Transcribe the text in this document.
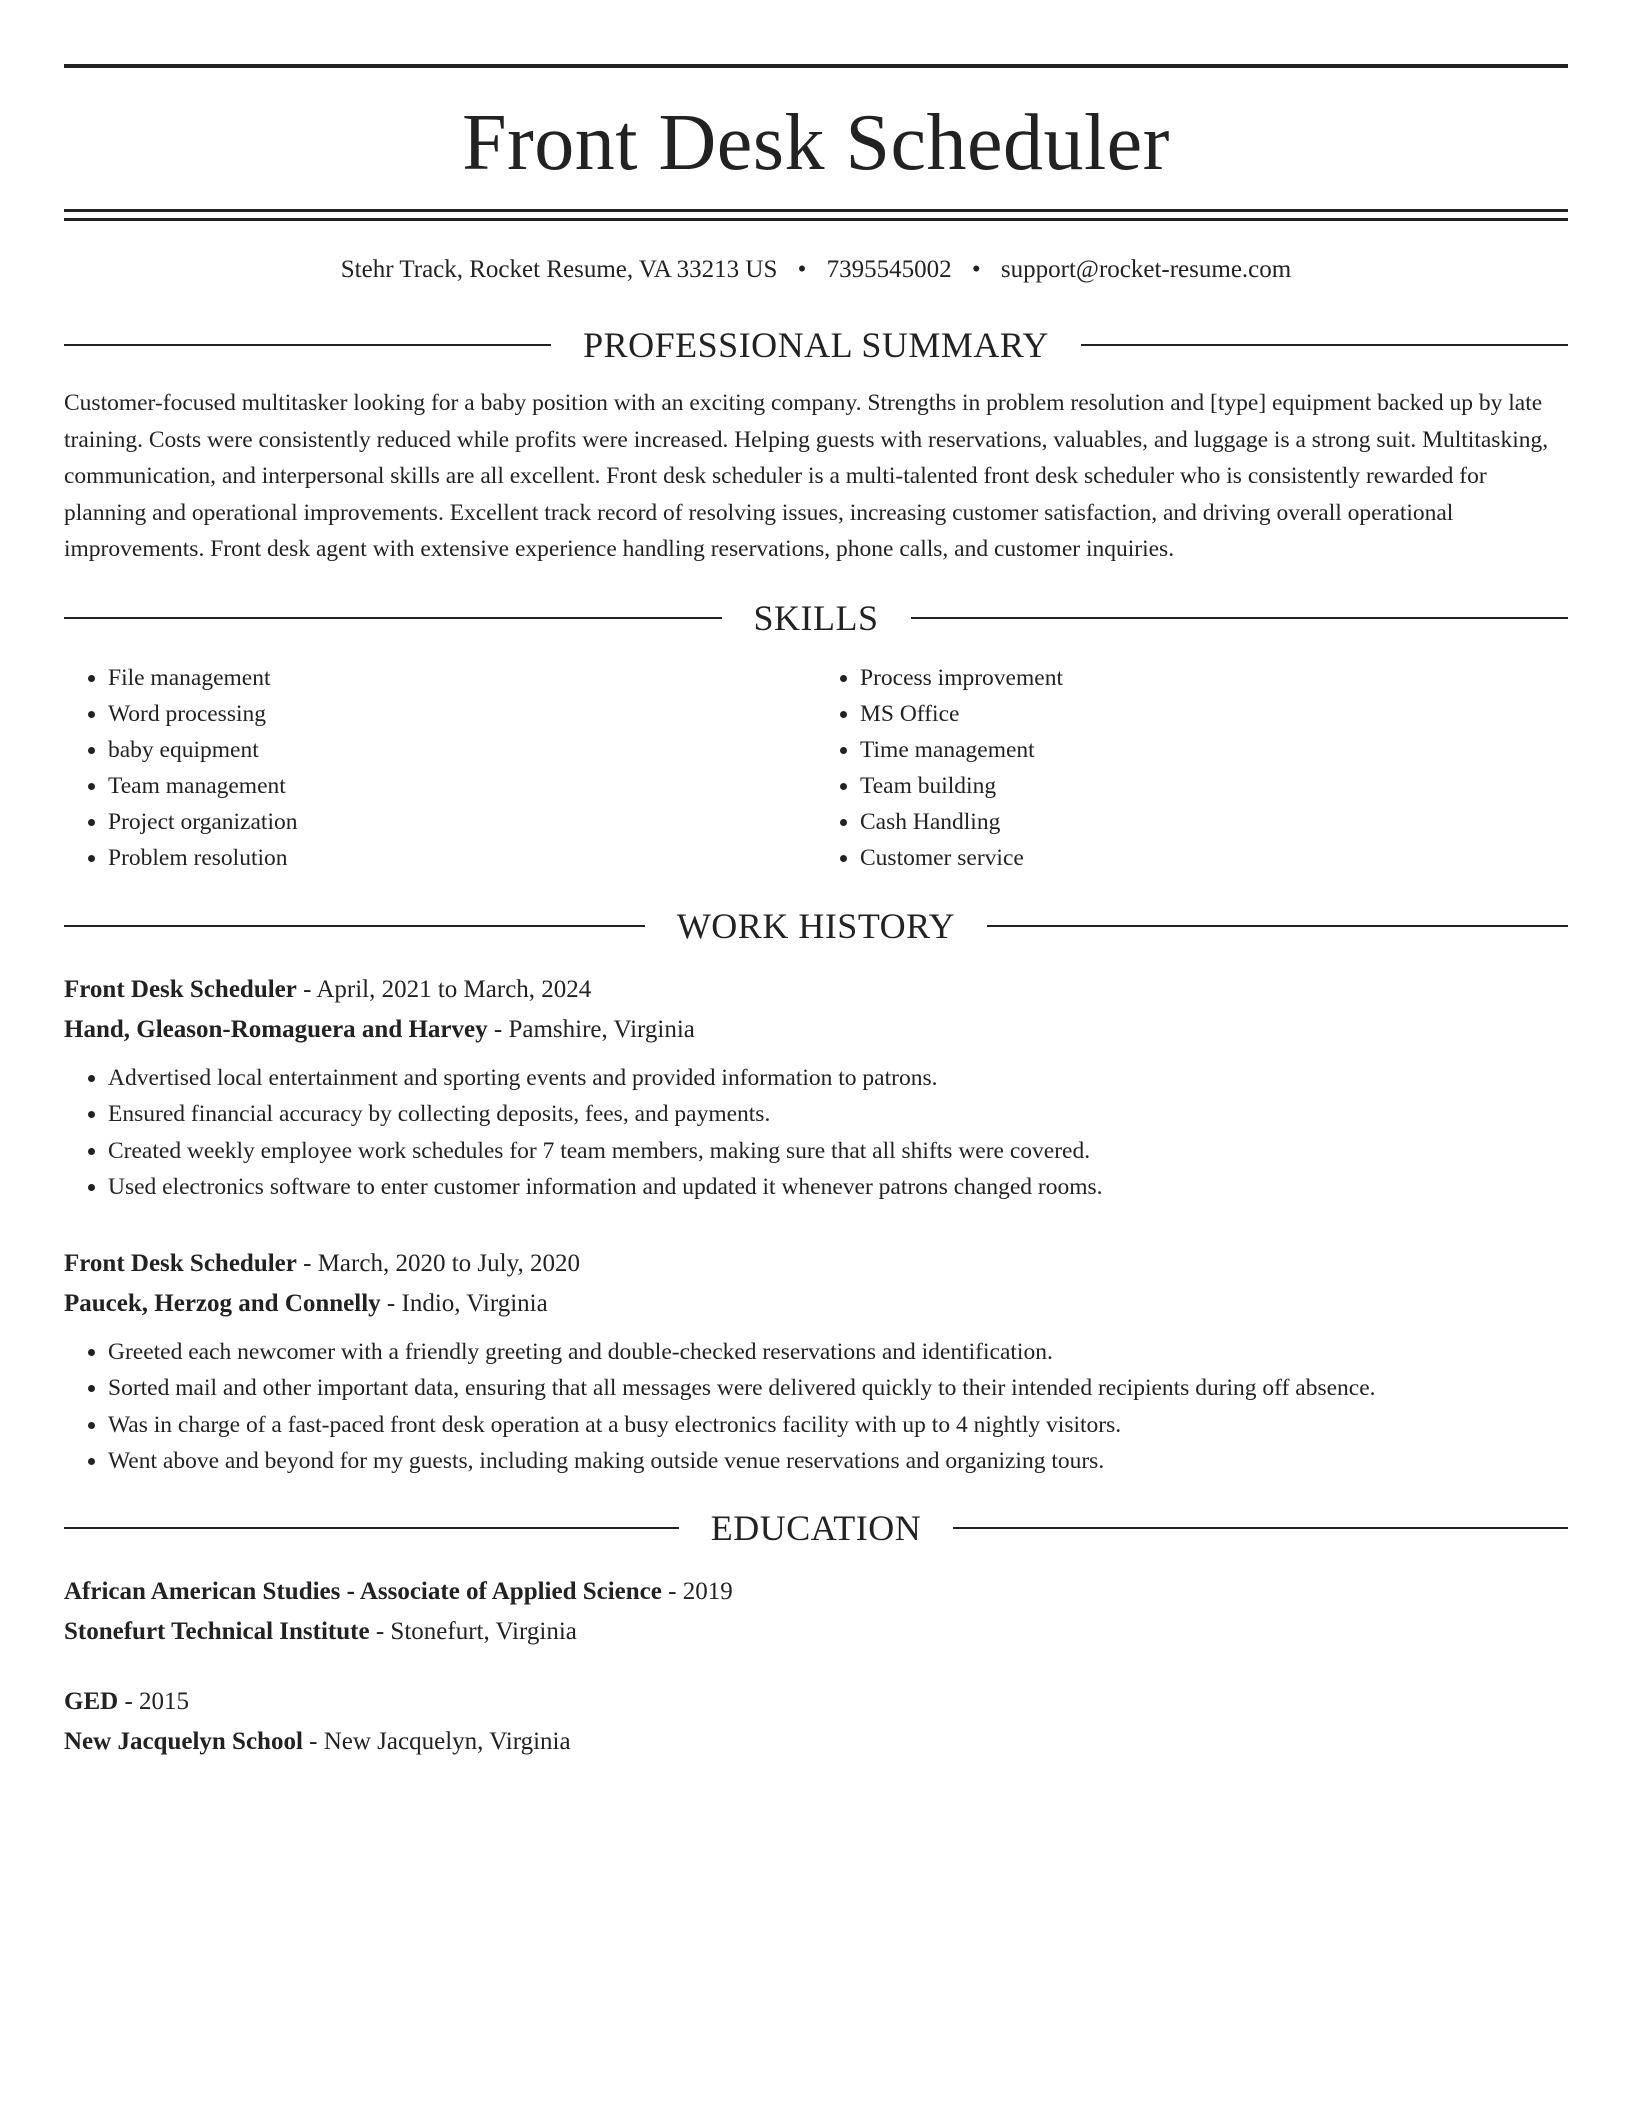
Front Desk Scheduler
Stehr Track, Rocket Resume, VA 33213 US • 7395545002 • support@rocket-resume.com
PROFESSIONAL SUMMARY

Customer-focused multitasker looking for a baby position with an exciting company. Strengths in problem resolution and [type] equipment backed up by late training. Costs were consistently reduced while profits were increased. Helping guests with reservations, valuables, and luggage is a strong suit. Multitasking, communication, and interpersonal skills are all excellent. Front desk scheduler is a multi-talented front desk scheduler who is consistently rewarded for planning and operational improvements. Excellent track record of resolving issues, increasing customer satisfaction, and driving overall operational improvements. Front desk agent with extensive experience handling reservations, phone calls, and customer inquiries.

SKILLS
• File management
• Word processing
• baby equipment
• Team management
• Project organization
• Problem resolution
• Process improvement
• MS Office
• Time management
• Team building
• Cash Handling
• Customer service
WORK HISTORY
Front Desk Scheduler - April, 2021 to March, 2024
Hand, Gleason-Romaguera and Harvey - Pamshire, Virginia
• Advertised local entertainment and sporting events and provided information to patrons.
• Ensured financial accuracy by collecting deposits, fees, and payments.
• Created weekly employee work schedules for 7 team members, making sure that all shifts were covered.
• Used electronics software to enter customer information and updated it whenever patrons changed rooms.
Front Desk Scheduler - March, 2020 to July, 2020
Paucek, Herzog and Connelly - Indio, Virginia
• Greeted each newcomer with a friendly greeting and double-checked reservations and identification.
• Sorted mail and other important data, ensuring that all messages were delivered quickly to their intended recipients during off absence.
• Was in charge of a fast-paced front desk operation at a busy electronics facility with up to 4 nightly visitors.
• Went above and beyond for my guests, including making outside venue reservations and organizing tours.
EDUCATION
African American Studies - Associate of Applied Science - 2019
Stonefurt Technical Institute - Stonefurt, Virginia
GED - 2015
New Jacquelyn School - New Jacquelyn, Virginia
